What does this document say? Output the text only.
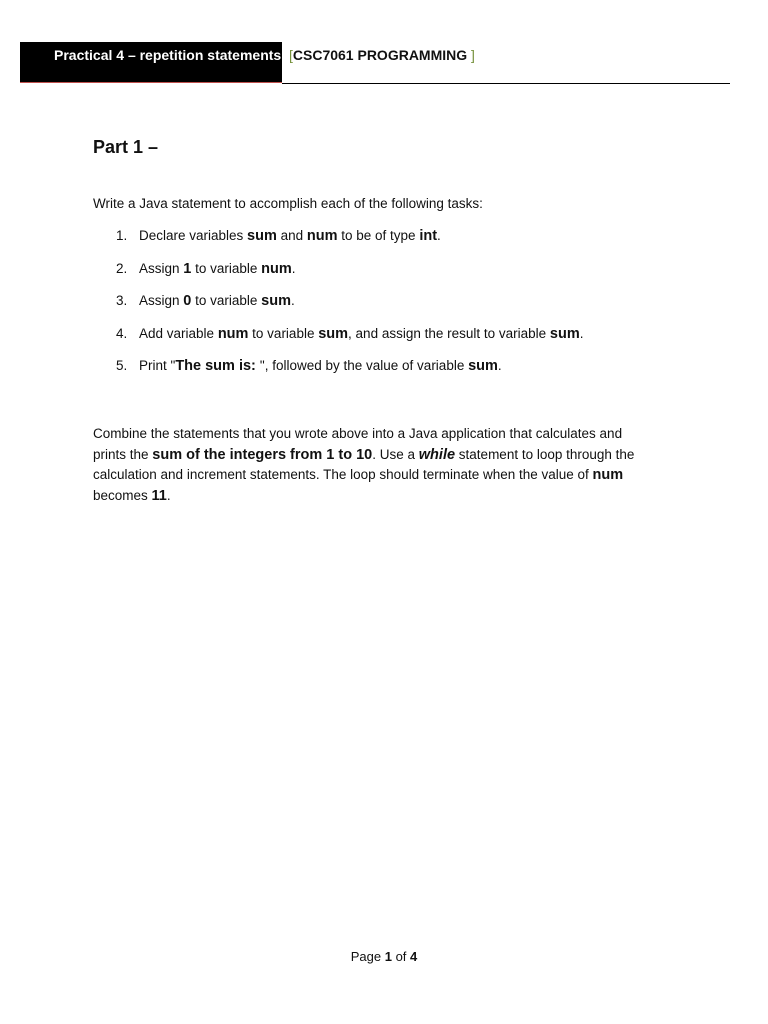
Practical 4 – repetition statements [CSC7061 PROGRAMMING ]
Part 1 –
Write a Java statement to accomplish each of the following tasks:
1. Declare variables sum and num to be of type int.
2. Assign 1 to variable num.
3. Assign 0 to variable sum.
4. Add variable num to variable sum, and assign the result to variable sum.
5. Print "The sum is: ", followed by the value of variable sum.
Combine the statements that you wrote above into a Java application that calculates and
prints the sum of the integers from 1 to 10. Use a while statement to loop through the
calculation and increment statements. The loop should terminate when the value of num
becomes 11.
Page 1 of 4
